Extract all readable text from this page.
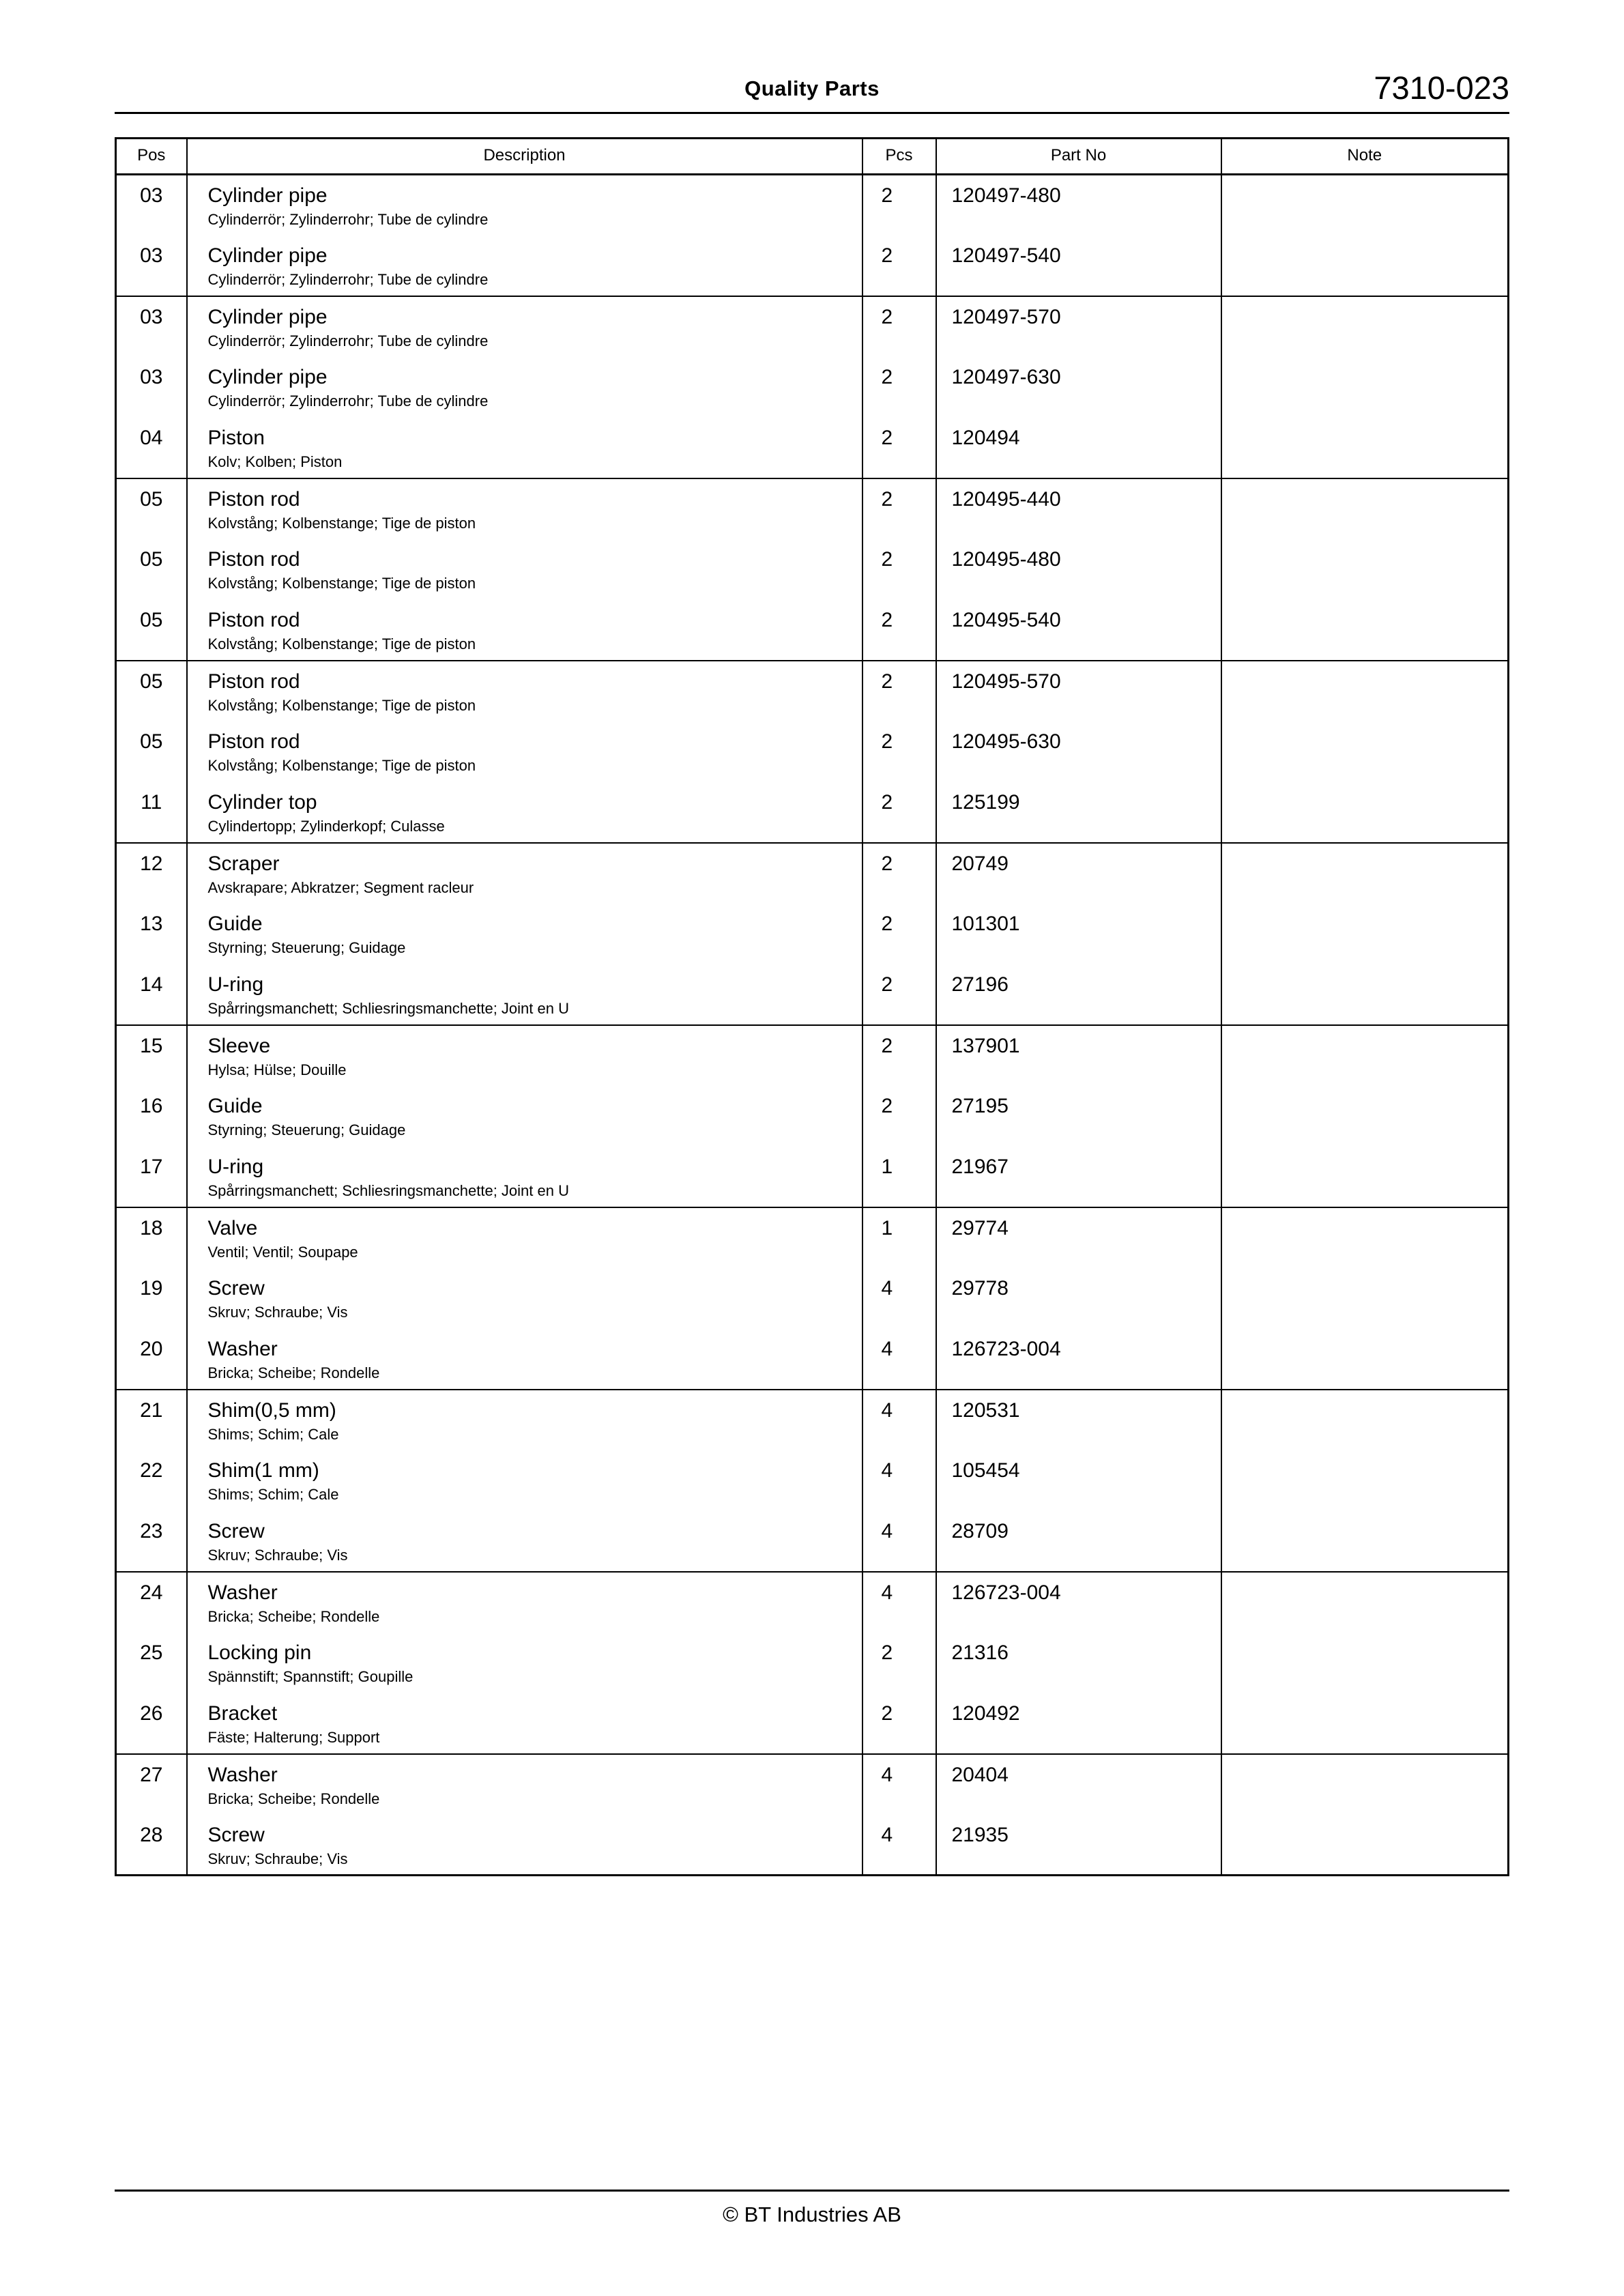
Quality Parts	7310-023
Pos	Description	Pcs	Part No	Note
03	Cylinder pipe
Cylinderrör; Zylinderrohr; Tube de cylindre	2	120497-480	
03	Cylinder pipe
Cylinderrör; Zylinderrohr; Tube de cylindre	2	120497-540	
03	Cylinder pipe
Cylinderrör; Zylinderrohr; Tube de cylindre	2	120497-570	
03	Cylinder pipe
Cylinderrör; Zylinderrohr; Tube de cylindre	2	120497-630	
04	Piston
Kolv; Kolben; Piston	2	120494	
05	Piston rod
Kolvstång; Kolbenstange; Tige de piston	2	120495-440	
05	Piston rod
Kolvstång; Kolbenstange; Tige de piston	2	120495-480	
05	Piston rod
Kolvstång; Kolbenstange; Tige de piston	2	120495-540	
05	Piston rod
Kolvstång; Kolbenstange; Tige de piston	2	120495-570	
05	Piston rod
Kolvstång; Kolbenstange; Tige de piston	2	120495-630	
11	Cylinder top
Cylindertopp; Zylinderkopf; Culasse	2	125199	
12	Scraper
Avskrapare; Abkratzer; Segment racleur	2	20749	
13	Guide
Styrning; Steuerung; Guidage	2	101301	
14	U-ring
Spårringsmanchett; Schliesringsmanchette; Joint en U	2	27196	
15	Sleeve
Hylsa; Hülse; Douille	2	137901	
16	Guide
Styrning; Steuerung; Guidage	2	27195	
17	U-ring
Spårringsmanchett; Schliesringsmanchette; Joint en U	1	21967	
18	Valve
Ventil; Ventil; Soupape	1	29774	
19	Screw
Skruv; Schraube; Vis	4	29778	
20	Washer
Bricka; Scheibe; Rondelle	4	126723-004	
21	Shim(0,5 mm)
Shims; Schim; Cale	4	120531	
22	Shim(1 mm)
Shims; Schim; Cale	4	105454	
23	Screw
Skruv; Schraube; Vis	4	28709	
24	Washer
Bricka; Scheibe; Rondelle	4	126723-004	
25	Locking pin
Spännstift; Spannstift; Goupille	2	21316	
26	Bracket
Fäste; Halterung; Support	2	120492	
27	Washer
Bricka; Scheibe; Rondelle	4	20404	
28	Screw
Skruv; Schraube; Vis	4	21935	
© BT Industries AB
